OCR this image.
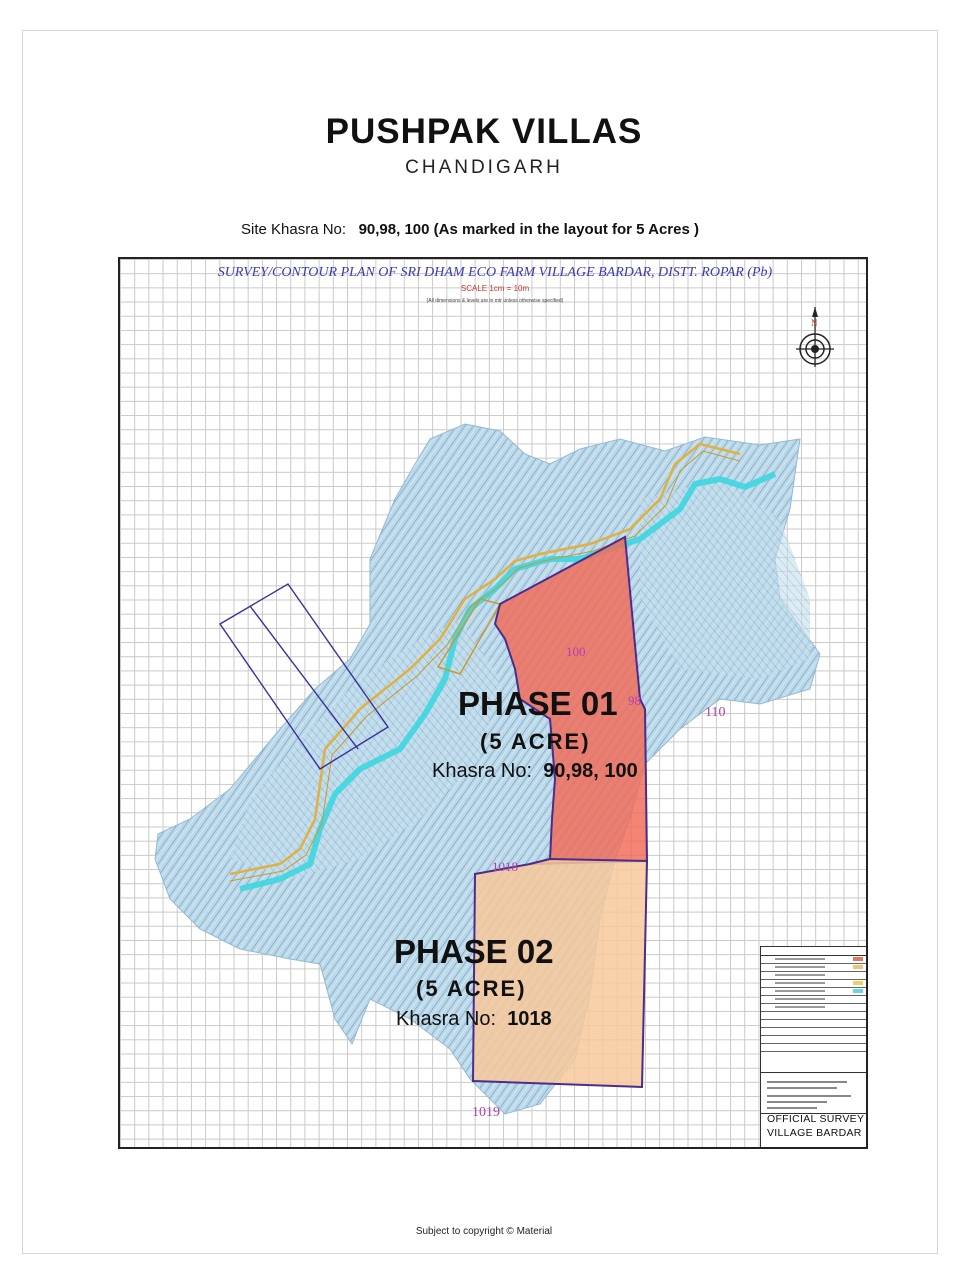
PUSHPAK VILLAS
CHANDIGARH
Site Khasra No: 90,98, 100 (As marked in the layout for 5 Acres )
SURVEY/CONTOUR PLAN OF SRI DHAM ECO FARM VILLAGE BARDAR, DISTT. ROPAR (Pb)
SCALE 1cm = 10m
(All dimensions & levels are in mtr unless otherwise specified)
N
100
98
110
1018
1019
PHASE 01
(5 ACRE)
Khasra No: 90,98, 100
PHASE 02
(5 ACRE)
Khasra No: 1018
OFFICIAL SURVEY
VILLAGE BARDAR
Subject to copyright © Material
